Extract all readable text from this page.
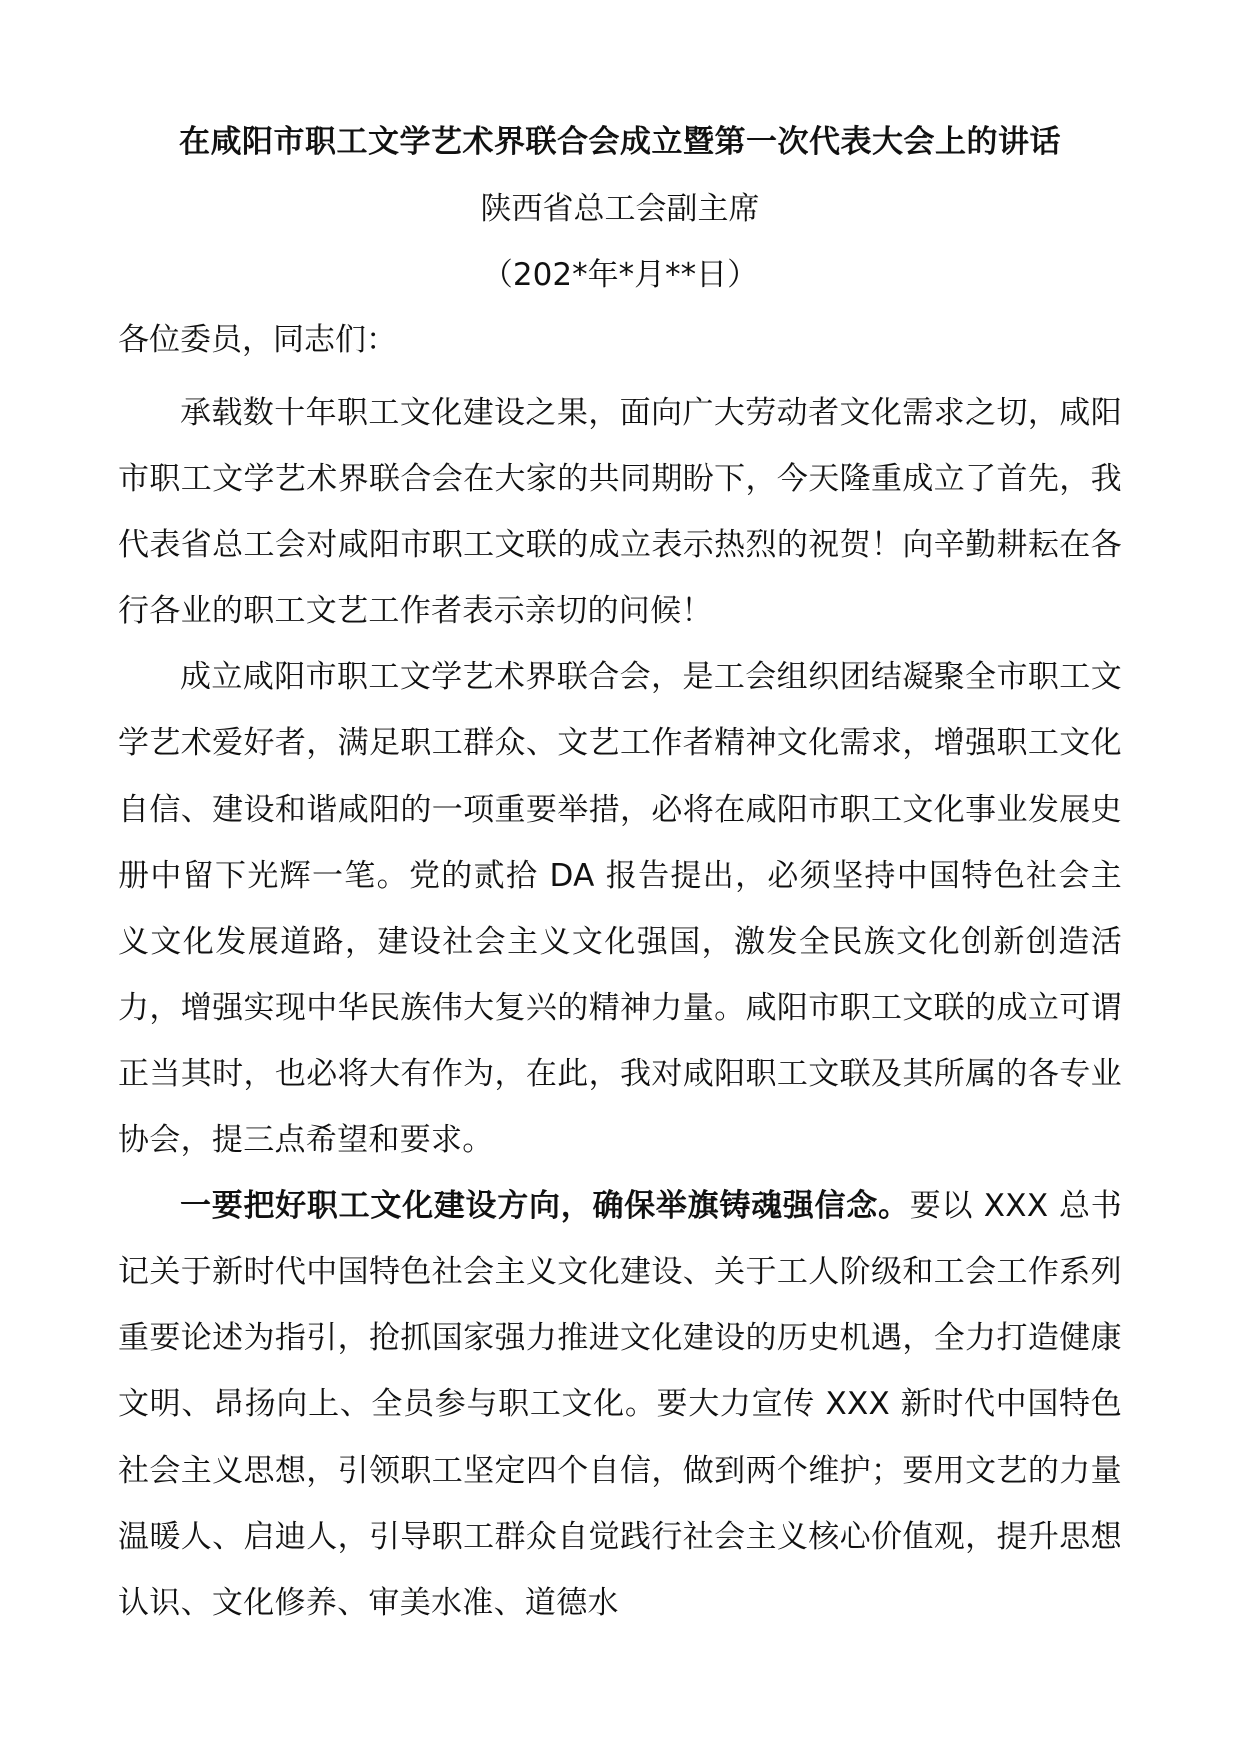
在咸阳市职工文学艺术界联合会成立暨第一次代表大会上的讲话

陕西省总工会副主席

（202*年*月**日）

各位委员，同志们：

承载数十年职工文化建设之果，面向广大劳动者文化需求之切，咸阳市职工文学艺术界联合会在大家的共同期盼下，今天隆重成立了首先，我代表省总工会对咸阳市职工文联的成立表示热烈的祝贺！向辛勤耕耘在各行各业的职工文艺工作者表示亲切的问候！

成立咸阳市职工文学艺术界联合会，是工会组织团结凝聚全市职工文学艺术爱好者，满足职工群众、文艺工作者精神文化需求，增强职工文化自信、建设和谐咸阳的一项重要举措，必将在咸阳市职工文化事业发展史册中留下光辉一笔。党的贰拾 DA 报告提出，必须坚持中国特色社会主义文化发展道路，建设社会主义文化强国，激发全民族文化创新创造活力，增强实现中华民族伟大复兴的精神力量。咸阳市职工文联的成立可谓正当其时，也必将大有作为，在此，我对咸阳职工文联及其所属的各专业协会，提三点希望和要求。

一要把好职工文化建设方向，确保举旗铸魂强信念。要以 XXX 总书记关于新时代中国特色社会主义文化建设、关于工人阶级和工会工作系列重要论述为指引，抢抓国家强力推进文化建设的历史机遇，全力打造健康文明、昂扬向上、全员参与职工文化。要大力宣传 XXX 新时代中国特色社会主义思想，引领职工坚定四个自信，做到两个维护；要用文艺的力量温暖人、启迪人，引导职工群众自觉践行社会主义核心价值观，提升思想认识、文化修养、审美水准、道德水
